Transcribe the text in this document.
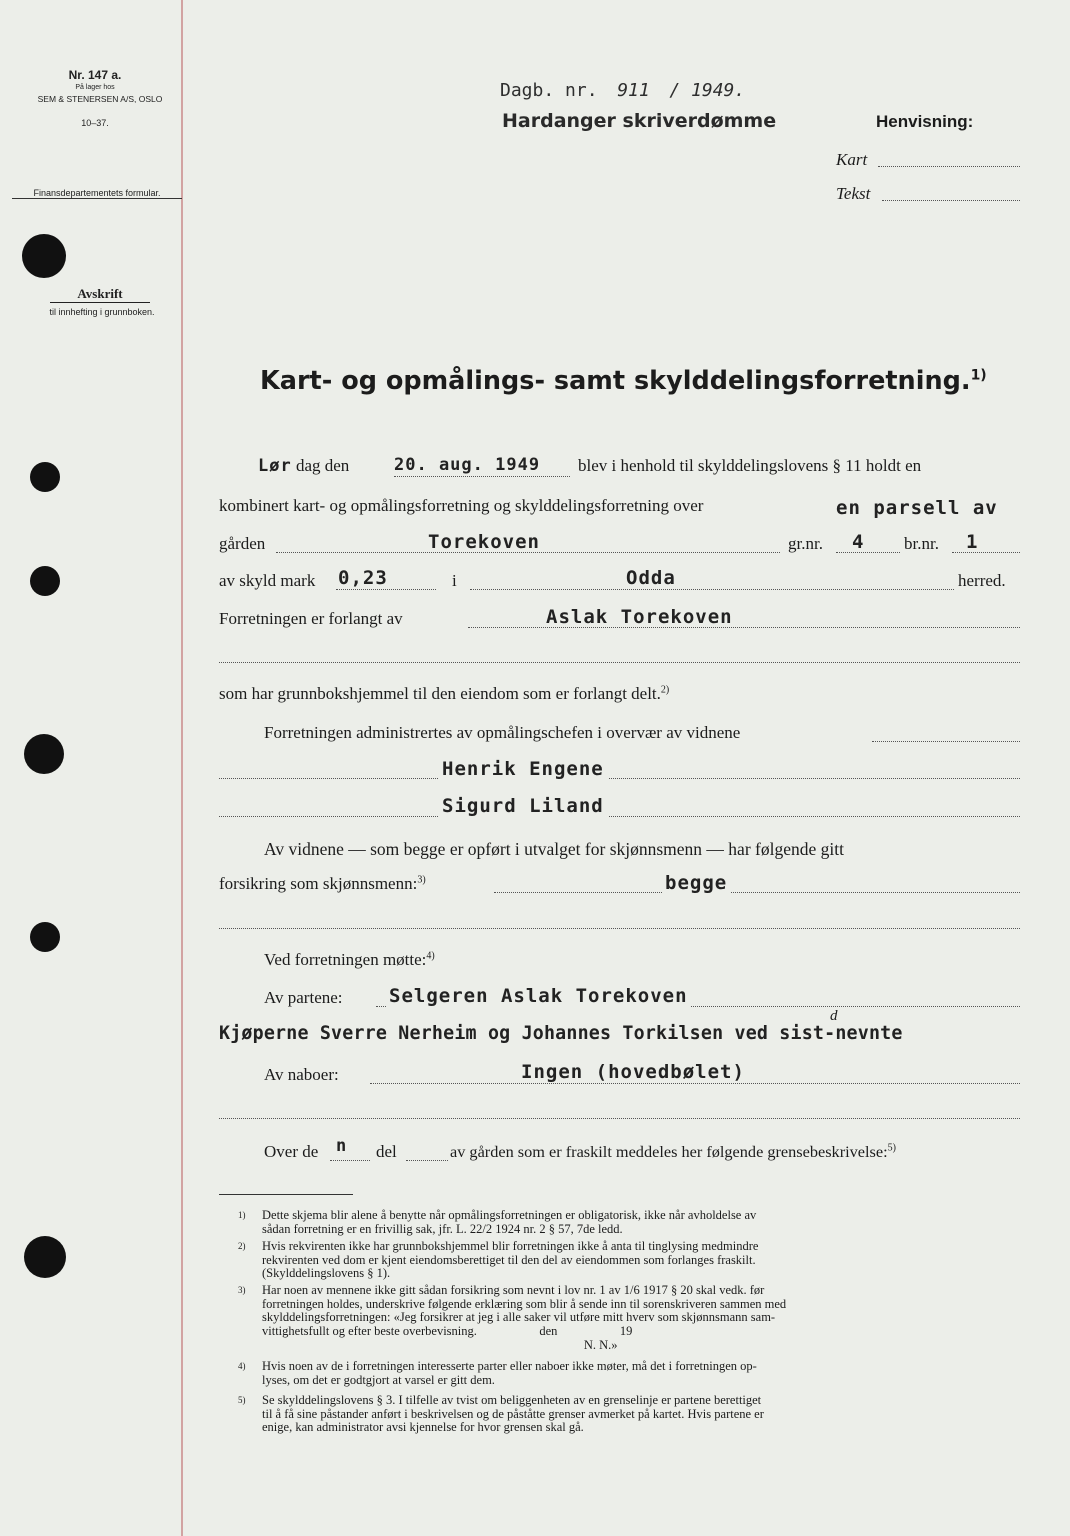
Nr. 147 a.
På lager hos
SEM & STENERSEN A/S, OSLO
10–37.
Finansdepartementets formular.
Avskrift
til innhefting i grunnboken.
Dagb. nr. 911 / 1949.
Hardanger skriverdømme	Henvisning:
Kart
Tekst
Kart- og opmålings- samt skylddelingsforretning.$^{1)}$
Lør dag den	20. aug. 1949 blev i henhold til skylddelingslovens § 11 holdt en
kombinert kart- og opmålingsforretning og skylddelingsforretning over	en parsell av
gården	Torekoven	gr.nr. 4 br.nr. 1
av skyld mark 0,23	i	Odda	herred.
Forretningen er forlangt av	Aslak Torekoven
som har grunnbokshjemmel til den eiendom som er forlangt delt.$^{2)}$
Forretningen administrertes av opmålingschefen i overvær av vidnene
Henrik Engene
Sigurd Liland
Av vidnene — som begge er opført i utvalget for skjønnsmenn — har følgende gitt
forsikring som skjønnsmenn:$^{3)}$	begge
Ved forretningen møtte:$^{4)}$
Av partene: Selgeren Aslak Torekoven
Kjøperne Sverre Nerheim og Johannes Torkilsen ved sist-nevnte
d
Av naboer:	Ingen (hovedbølet)
Over de n del	av gården som er fraskilt meddeles her følgende grensebeskrivelse:$^{5)}$
1) Dette skjema blir alene å benytte når opmålingsforretningen er obligatorisk, ikke når avholdelse av
sådan forretning er en frivillig sak, jfr. L. 22/2 1924 nr. 2 § 57, 7de ledd.
2) Hvis rekvirenten ikke har grunnbokshjemmel blir forretningen ikke å anta til tinglysing medmindre
rekvirenten ved dom er kjent eiendomsberettiget til den del av eiendommen som forlanges fraskilt.
(Skylddelingslovens § 1).
3) Har noen av mennene ikke gitt sådan forsikring som nevnt i lov nr. 1 av 1/6 1917 § 20 skal vedk. før
forretningen holdes, underskrive følgende erklæring som blir å sende inn til sorenskriveren sammen med
skylddelingsforretningen: «Jeg forsikrer at jeg i alle saker vil utføre mitt hverv som skjønnsmann sam-
vittighetsfullt og efter beste overbevisning.                    den                    19
N. N.»
4) Hvis noen av de i forretningen interesserte parter eller naboer ikke møter, må det i forretningen op-
lyses, om det er godtgjort at varsel er gitt dem.
5) Se skylddelingslovens § 3. I tilfelle av tvist om beliggenheten av en grenselinje er partene berettiget
til å få sine påstander anført i beskrivelsen og de påståtte grenser avmerket på kartet. Hvis partene er
enige, kan administrator avsi kjennelse for hvor grensen skal gå.
